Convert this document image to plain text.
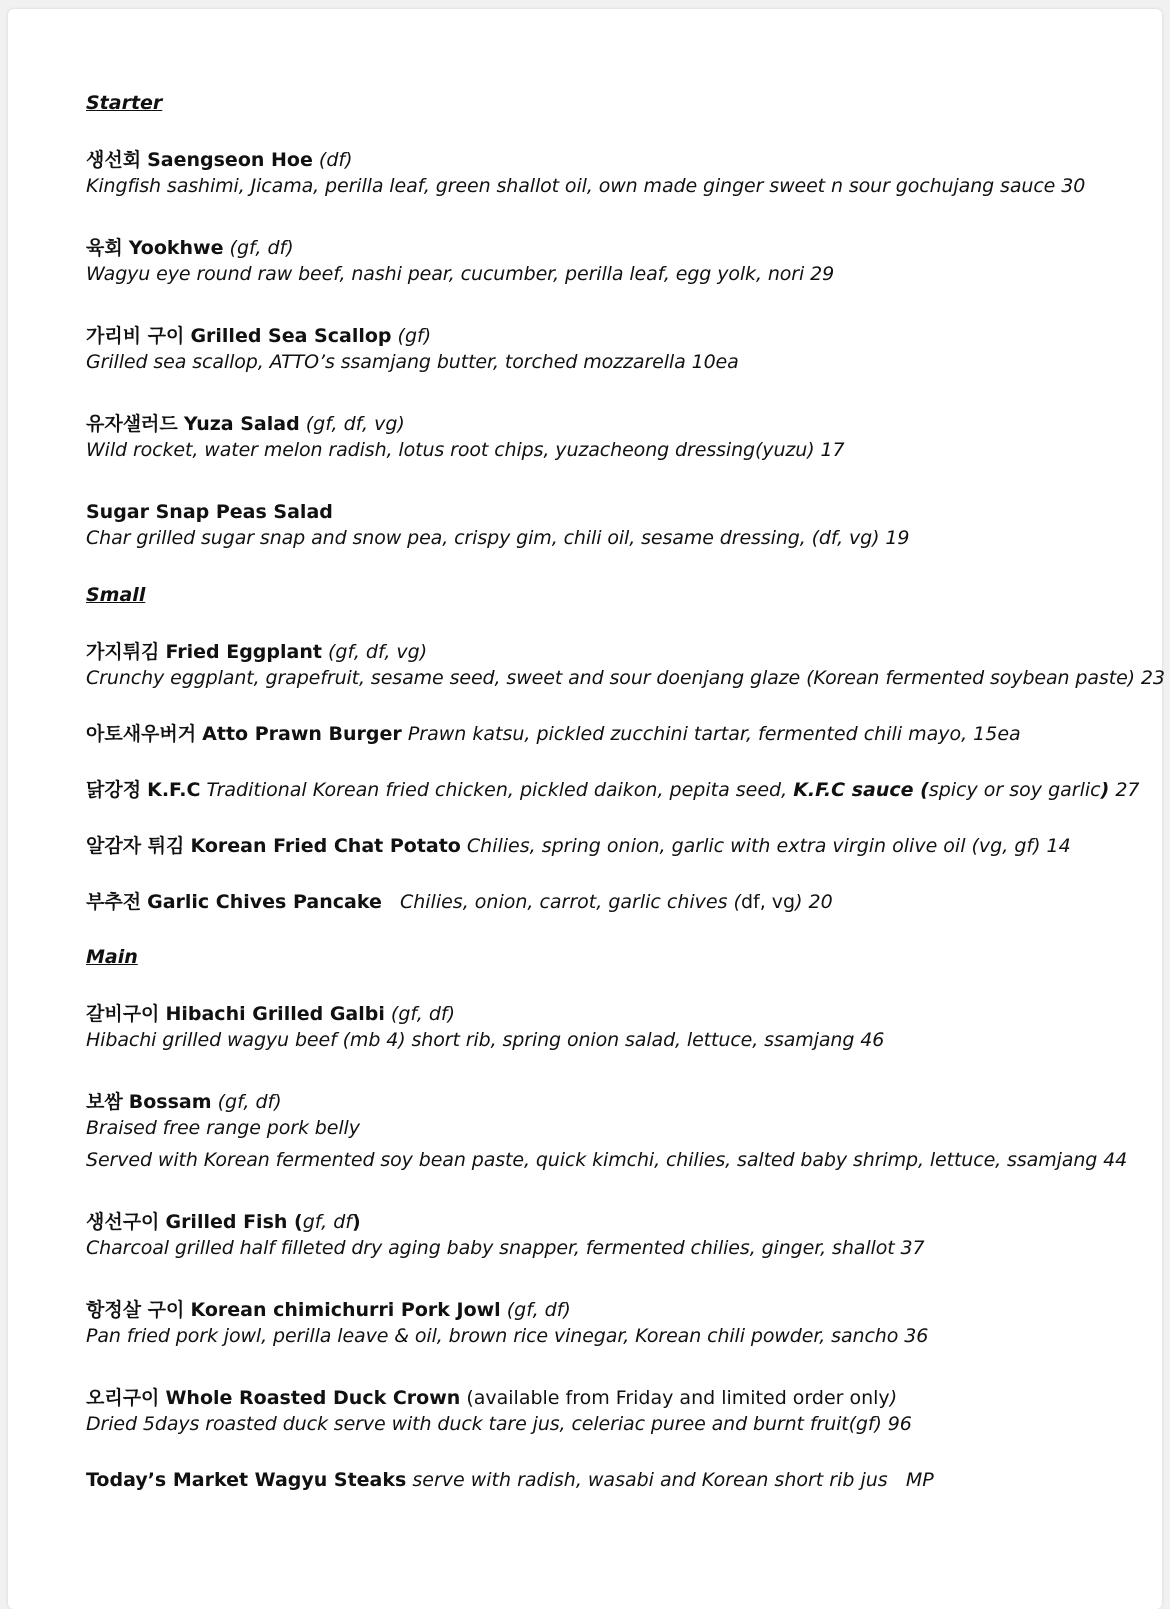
Starter

생선회 Saengseon Hoe (df)
Kingfish sashimi, Jicama, perilla leaf, green shallot oil, own made ginger sweet n sour gochujang sauce 30
육회 Yookhwe (gf, df)
Wagyu eye round raw beef, nashi pear, cucumber, perilla leaf, egg yolk, nori 29
가리비 구이 Grilled Sea Scallop (gf)
Grilled sea scallop, ATTO’s ssamjang butter, torched mozzarella 10ea
유자샐러드 Yuza Salad (gf, df, vg)
Wild rocket, water melon radish, lotus root chips, yuzacheong dressing(yuzu) 17
Sugar Snap Peas Salad
Char grilled sugar snap and snow pea, crispy gim, chili oil, sesame dressing, (df, vg) 19

Small

가지튀김 Fried Eggplant (gf, df, vg)
Crunchy eggplant, grapefruit, sesame seed, sweet and sour doenjang glaze (Korean fermented soybean paste) 23
아토새우버거 Atto Prawn Burger Prawn katsu, pickled zucchini tartar, fermented chili mayo, 15ea
닭강정 K.F.C Traditional Korean fried chicken, pickled daikon, pepita seed, K.F.C sauce (spicy or soy garlic) 27
알감자 튀김 Korean Fried Chat Potato Chilies, spring onion, garlic with extra virgin olive oil (vg, gf) 14
부추전 Garlic Chives Pancake Chilies, onion, carrot, garlic chives (df, vg) 20

Main

갈비구이 Hibachi Grilled Galbi (gf, df)
Hibachi grilled wagyu beef (mb 4) short rib, spring onion salad, lettuce, ssamjang 46
보쌈 Bossam (gf, df)
Braised free range pork belly
Served with Korean fermented soy bean paste, quick kimchi, chilies, salted baby shrimp, lettuce, ssamjang 44
생선구이 Grilled Fish (gf, df)
Charcoal grilled half filleted dry aging baby snapper, fermented chilies, ginger, shallot 37
항정살 구이 Korean chimichurri Pork Jowl (gf, df)
Pan fried pork jowl, perilla leave & oil, brown rice vinegar, Korean chili powder, sancho 36
오리구이 Whole Roasted Duck Crown (available from Friday and limited order only)
Dried 5days roasted duck serve with duck tare jus, celeriac puree and burnt fruit(gf) 96
Today’s Market Wagyu Steaks serve with radish, wasabi and Korean short rib jus MP
